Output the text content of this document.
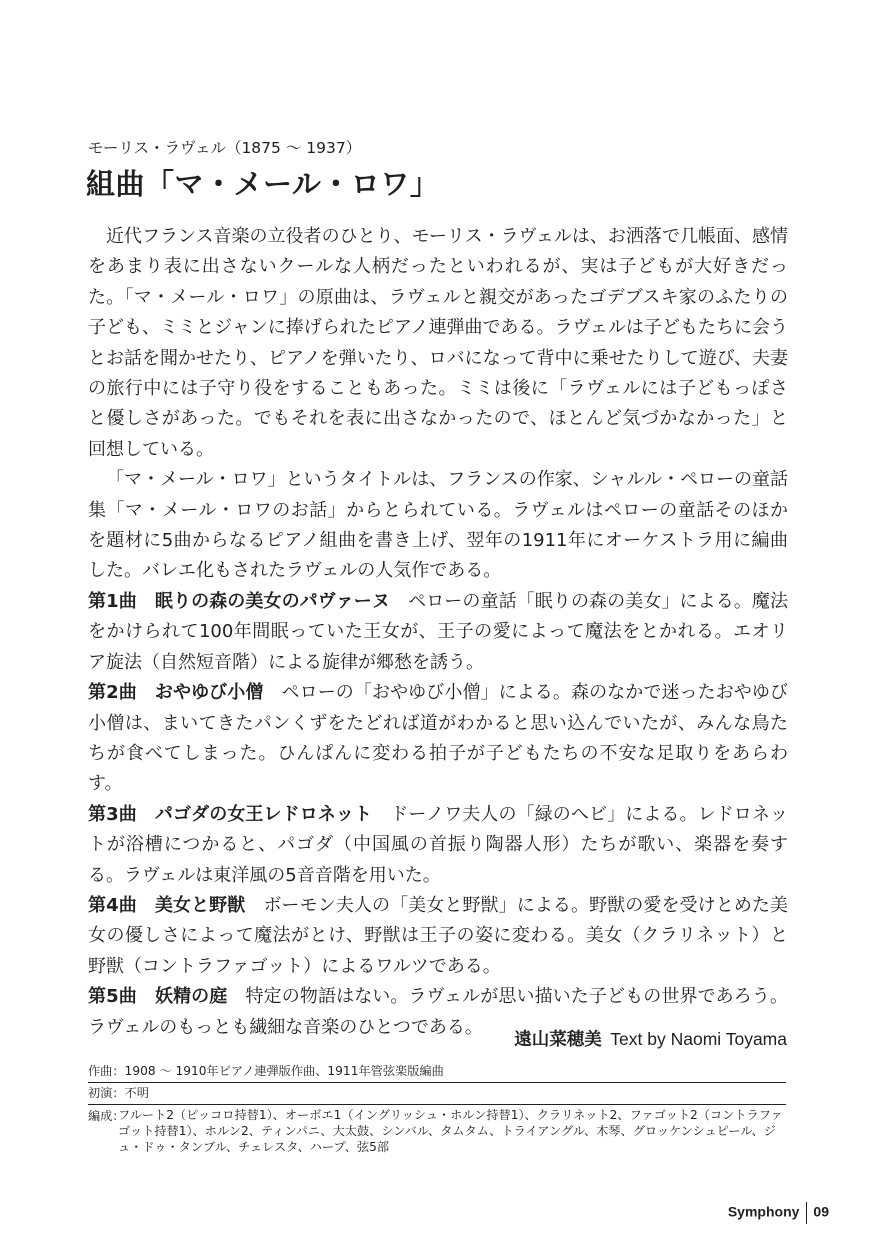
モーリス・ラヴェル（1875 ～ 1937）
組曲「マ・メール・ロワ」

近代フランス音楽の立役者のひとり、モーリス・ラヴェルは、お洒落で几帳面、感情をあまり表に出さないクールな人柄だったといわれるが、実は子どもが大好きだった。「マ・メール・ロワ」の原曲は、ラヴェルと親交があったゴデブスキ家のふたりの子ども、ミミとジャンに捧げられたピアノ連弾曲である。ラヴェルは子どもたちに会うとお話を聞かせたり、ピアノを弾いたり、ロバになって背中に乗せたりして遊び、夫妻の旅行中には子守り役をすることもあった。ミミは後に「ラヴェルには子どもっぽさと優しさがあった。でもそれを表に出さなかったので、ほとんど気づかなかった」と回想している。

「マ・メール・ロワ」というタイトルは、フランスの作家、シャルル・ペローの童話集「マ・メール・ロワのお話」からとられている。ラヴェルはペローの童話そのほかを題材に5曲からなるピアノ組曲を書き上げ、翌年の1911年にオーケストラ用に編曲した。バレエ化もされたラヴェルの人気作である。

第1曲　眠りの森の美女のパヴァーヌ　 ペローの童話「眠りの森の美女」による。魔法をかけられて100年間眠っていた王女が、王子の愛によって魔法をとかれる。エオリア旋法（自然短音階）による旋律が郷愁を誘う。

第2曲　おやゆび小僧　 ペローの「おやゆび小僧」による。森のなかで迷ったおやゆび小僧は、まいてきたパンくずをたどれば道がわかると思い込んでいたが、みんな鳥たちが食べてしまった。ひんぱんに変わる拍子が子どもたちの不安な足取りをあらわす。

第3曲　パゴダの女王レドロネット　 ドーノワ夫人の「緑のへビ」による。レドロネットが浴槽につかると、パゴダ（中国風の首振り陶器人形）たちが歌い、楽器を奏する。ラヴェルは東洋風の5音音階を用いた。

第4曲　美女と野獣　 ボーモン夫人の「美女と野獣」による。野獣の愛を受けとめた美女の優しさによって魔法がとけ、野獣は王子の姿に変わる。美女（クラリネット）と野獣（コントラファゴット）によるワルツである。

第5曲　妖精の庭　 特定の物語はない。ラヴェルが思い描いた子どもの世界であろう。ラヴェルのもっとも繊細な音楽のひとつである。

遠山菜穂美 Text by Naomi Toyama
作曲：1908 ～ 1910年ピアノ連弾版作曲、1911年管弦楽版編曲
初演：不明
編成：
フルート2（ピッコロ持替1）、オーボエ1（イングリッシュ・ホルン持替1）、クラリネット2、ファゴット2（コントラファゴット持替1）、ホルン2、ティンパニ、大太鼓、シンバル、タムタム、トライアングル、木琴、グロッケンシュピール、ジュ・ドゥ・タンブル、チェレスタ、ハープ、弦5部
Symphony 09
